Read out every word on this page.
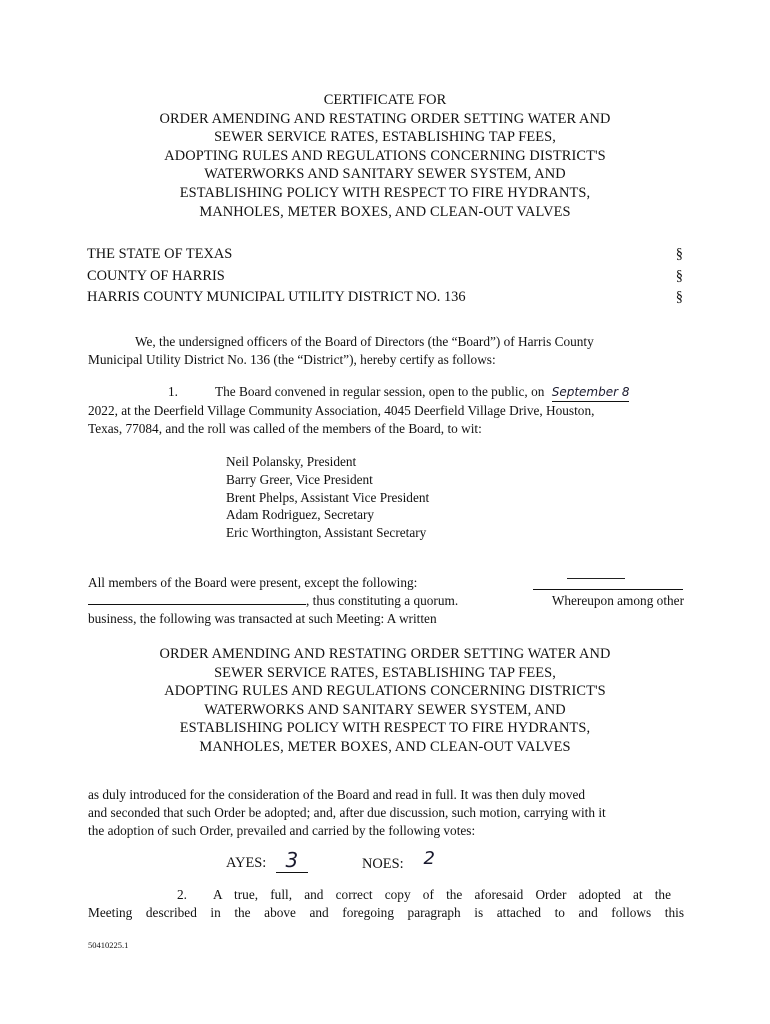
CERTIFICATE FOR
ORDER AMENDING AND RESTATING ORDER SETTING WATER AND
SEWER SERVICE RATES, ESTABLISHING TAP FEES,
ADOPTING RULES AND REGULATIONS CONCERNING DISTRICT'S
WATERWORKS AND SANITARY SEWER SYSTEM, AND
ESTABLISHING POLICY WITH RESPECT TO FIRE HYDRANTS,
MANHOLES, METER BOXES, AND CLEAN-OUT VALVES
THE STATE OF TEXAS	§
COUNTY OF HARRIS	§
HARRIS COUNTY MUNICIPAL UTILITY DISTRICT NO. 136	§
We, the undersigned officers of the Board of Directors (the “Board”) of Harris County
Municipal Utility District No. 136 (the “District”), hereby certify as follows:
1.	The Board convened in regular session, open to the public, on September 8
2022, at the Deerfield Village Community Association, 4045 Deerfield Village Drive, Houston,
Texas, 77084, and the roll was called of the members of the Board, to wit:
Neil Polansky, President
Barry Greer, Vice President
Brent Phelps, Assistant Vice President
Adam Rodriguez, Secretary
Eric Worthington, Assistant Secretary
All members of the Board were present, except the following:
, thus constituting a quorum.	Whereupon among other
business, the following was transacted at such Meeting: A written
ORDER AMENDING AND RESTATING ORDER SETTING WATER AND
SEWER SERVICE RATES, ESTABLISHING TAP FEES,
ADOPTING RULES AND REGULATIONS CONCERNING DISTRICT'S
WATERWORKS AND SANITARY SEWER SYSTEM, AND
ESTABLISHING POLICY WITH RESPECT TO FIRE HYDRANTS,
MANHOLES, METER BOXES, AND CLEAN-OUT VALVES
as duly introduced for the consideration of the Board and read in full. It was then duly moved
and seconded that such Order be adopted; and, after due discussion, such motion, carrying with it
the adoption of such Order, prevailed and carried by the following votes:
AYES: 3	NOES: 2
2. A true, full, and correct copy of the aforesaid Order adopted at the
Meeting described in the above and foregoing paragraph is attached to and follows this
50410225.1
